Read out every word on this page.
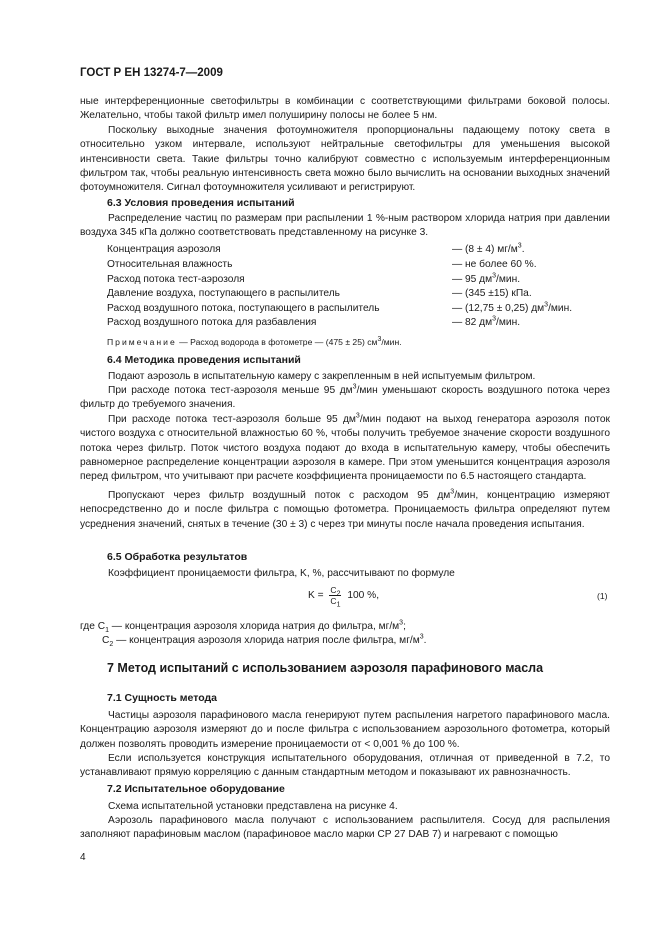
ГОСТ Р ЕН 13274-7—2009
ные интерференционные светофильтры в комбинации с соответствующими фильтрами боковой полосы. Желательно, чтобы такой фильтр имел полуширину полосы не более 5 нм.
Поскольку выходные значения фотоумножителя пропорциональны падающему потоку света в относительно узком интервале, используют нейтральные светофильтры для уменьшения высокой интенсивности света. Такие фильтры точно калибруют совместно с используемым интерференционным фильтром так, чтобы реальную интенсивность света можно было вычислить на основании выходных значений фотоумножителя. Сигнал фотоумножителя усиливают и регистрируют.
6.3 Условия проведения испытаний
Распределение частиц по размерам при распылении 1 %-ным раствором хлорида натрия при давлении воздуха 345 кПа должно соответствовать представленному на рисунке 3.
Концентрация аэрозоля	— (8 ± 4) $мг/м^3$.
Относительная влажность	— не более 60 %.
Расход потока тест-аэрозоля	— 95 $дм^3$/мин.
Давление воздуха, поступающего в распылитель	— (345 ±15) кПа.
Расход воздушного потока, поступающего в распылитель	— (12,75 ± 0,25) $дм^3$/мин.
Расход воздушного потока для разбавления	— 82 $дм^3$/мин.
Примечание — Расход водорода в фотометре — (475 ± 25) $см^3$/мин.
6.4 Методика проведения испытаний
Подают аэрозоль в испытательную камеру с закрепленным в ней испытуемым фильтром.
При расходе потока тест-аэрозоля меньше 95 $дм^3$/мин уменьшают скорость воздушного потока через фильтр до требуемого значения.
При расходе потока тест-аэрозоля больше 95 $дм^3$/мин подают на выход генератора аэрозоля поток чистого воздуха с относительной влажностью 60 %, чтобы получить требуемое значение скорости воздушного потока через фильтр. Поток чистого воздуха подают до входа в испытательную камеру, чтобы обеспечить равномерное распределение концентрации аэрозоля в камере. При этом уменьшится концентрация аэрозоля перед фильтром, что учитывают при расчете коэффициента проницаемости по 6.5 настоящего стандарта.
Пропускают через фильтр воздушный поток с расходом 95 $дм^3$/мин, концентрацию измеряют непосредственно до и после фильтра с помощью фотометра. Проницаемость фильтра определяют путем усреднения значений, снятых в течение (30 ± 3) с через три минуты после начала проведения испытания.
6.5 Обработка результатов
Коэффициент проницаемости фильтра, K, %, рассчитывают по формуле
$K = \frac{C_2}{C_1} 100$ %,	(1)
где $C_1$ — концентрация аэрозоля хлорида натрия до фильтра, $мг/м^3$;
$C_2$ — концентрация аэрозоля хлорида натрия после фильтра, $мг/м^3$.
7 Метод испытаний с использованием аэрозоля парафинового масла
7.1 Сущность метода
Частицы аэрозоля парафинового масла генерируют путем распыления нагретого парафинового масла. Концентрацию аэрозоля измеряют до и после фильтра с использованием аэрозольного фотометра, который должен позволять проводить измерение проницаемости от < 0,001 % до 100 %.
Если используется конструкция испытательного оборудования, отличная от приведенной в 7.2, то устанавливают прямую корреляцию с данным стандартным методом и показывают их равнозначность.
7.2 Испытательное оборудование
Схема испытательной установки представлена на рисунке 4.
Аэрозоль парафинового масла получают с использованием распылителя. Сосуд для распыления заполняют парафиновым маслом (парафиновое масло марки CP 27 DAB 7) и нагревают с помощью
4
